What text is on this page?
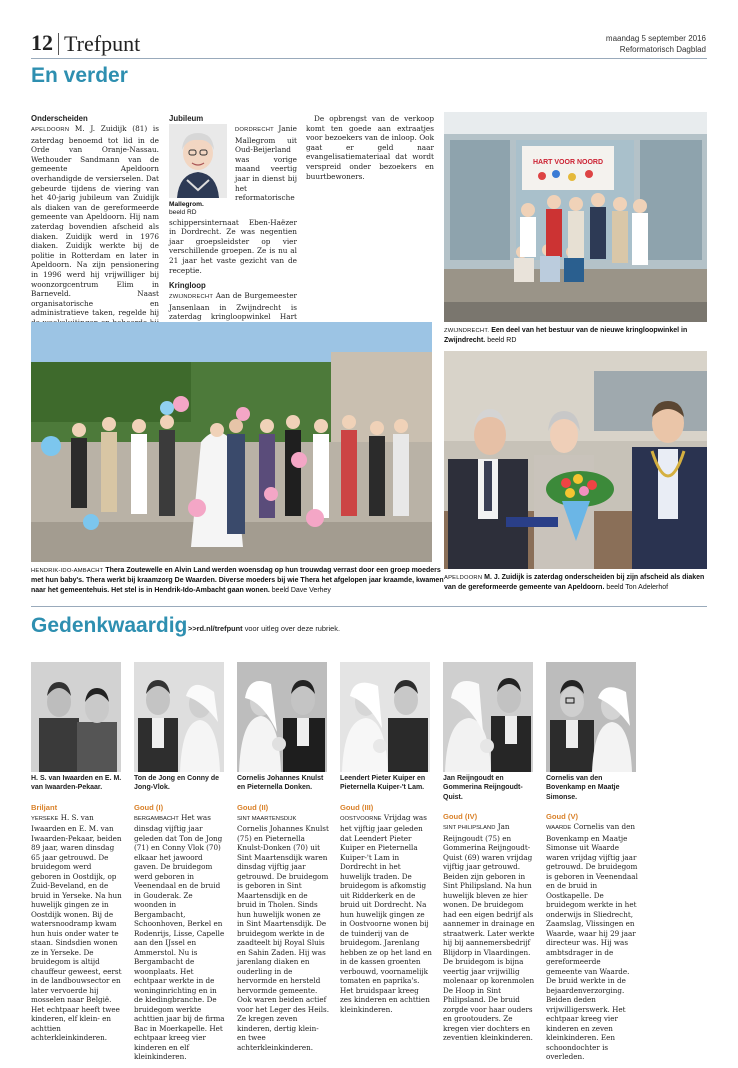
12 Trefpunt	maandag 5 september 2016
Reformatorisch Dagblad
En verder
Onderscheiden

APELDOORN M. J. Zuidijk (81) is zaterdag benoemd tot lid in de Orde van Oranje-Nassau. Wethouder Sandmann van de gemeente Apeldoorn overhandigde de versierselen. Dat gebeurde tijdens de viering van het 40-jarig jubileum van Zuidijk als diaken van de gereformeerde gemeente van Apeldoorn. Hij nam zaterdag bovendien afscheid als diaken. Zuidijk werd in 1976 diaken. Zuidijk werkte bij de politie in Rotterdam en later in Apeldoorn. Na zijn pensionering in 1996 werd hij vrijwilliger bij woonzorgcentrum Elim in Barneveld. Naast organisatorische en administratieve taken, regelde hij

Jubileum
Mallegrom.
beeld RD

DORDRECHT Janie Mallegrom uit Oud-Beijerland was vorige maand veertig jaar in dienst bij het reformatorische schippersinternaat Eben-Haëzer in Dordrecht. Ze was negentien jaar groepsleidster op vier verschillende groepen. Ze is nu al 21 jaar het vaste gezicht van de receptie.

Kringloop

ZWIJNDRECHT Aan de Burgemeester Jansenlaan in Zwijndrecht is zaterdag kringloopwinkel Hart

De opbrengst van de verkoop komt ten goede aan extraatjes voor bezoekers van de inloop. Ook gaat er geld naar evangelisatiemateriaal dat wordt verspreid onder bezoekers en buurtbewoners.

HART VOOR NOORD
ZWIJNDRECHT. Een deel van het bestuur van de nieuwe kringloopwinkel in Zwijndrecht. beeld RD
HENDRIK-IDO-AMBACHT Thera Zoutewelle en Alvin Land werden woensdag op hun trouwdag verrast door een groep moeders met hun baby's. Thera werkt bij kraamzorg De Waarden. Diverse moeders bij wie Thera het afgelopen jaar kraamde, kwamen naar het gemeentehuis. Het stel is in Hendrik-Ido-Ambacht gaan wonen. beeld Dave Verhey
APELDOORN M. J. Zuidijk is zaterdag onderscheiden bij zijn afscheid als diaken van de gereformeerde gemeente van Apeldoorn. beeld Ton Adelerhof
Gedenkwaardig >>rd.nl/trefpunt voor uitleg over deze rubriek.
H. S. van Iwaarden en E. M. van Iwaarden-Pekaar.
Briljant
YERSEKE H. S. van Iwaarden en E. M. van Iwaarden-Pekaar, beiden 89 jaar, waren dinsdag 65 jaar getrouwd. De bruidegom werd geboren in Oostdijk, op Zuid-Beveland, en de bruid in Yerseke. Na hun huwelijk gingen ze in Oostdijk wonen. Bij de watersnoodramp kwam hun huis onder water te staan. Sindsdien wonen ze in Yerseke. De bruidegom is altijd chauffeur geweest, eerst in de landbouwsector en later vervoerde hij mosselen naar België. Het echtpaar heeft twee kinderen, elf klein- en achttien achterkleinkinderen.
Ton de Jong en Conny de Jong-Vlok.
Goud (I)
BERGAMBACHT Het was dinsdag vijftig jaar geleden dat Ton de Jong (71) en Conny Vlok (70) elkaar het jawoord gaven. De bruidegom werd geboren in Veenendaal en de bruid in Gouderak. Ze woonden in Bergambacht, Schoonhoven, Berkel en Rodenrijs, Lisse, Capelle aan den IJssel en Ammerstol. Nu is Bergambacht de woonplaats. Het echtpaar werkte in de woninginrichting en in de kledingbranche. De bruidegom werkte achttien jaar bij de firma Bac in Moerkapelle. Het echtpaar kreeg vier kinderen en elf kleinkinderen.
Cornelis Johannes Knulst en Pieternella Donken.
Goud (II)
SINT MAARTENSDIJK Cornelis Johannes Knulst (75) en Pieternella Knulst-Donken (70) uit Sint Maartensdijk waren dinsdag vijftig jaar getrouwd. De bruidegom is geboren in Sint Maartensdijk en de bruid in Tholen. Sinds hun huwelijk wonen ze in Sint Maartensdijk. De bruidegom werkte in de zaadteelt bij Royal Sluis en Sahin Zaden. Hij was jarenlang diaken en ouderling in de hervormde en hersteld hervormde gemeente. Ook waren beiden actief voor het Leger des Heils. Ze kregen zeven kinderen, dertig klein- en twee achterkleinkinderen.
Leendert Pieter Kuiper en Pieternella Kuiper-'t Lam.
Goud (III)
OOSTVOORNE Vrijdag was het vijftig jaar geleden dat Leendert Pieter Kuiper en Pieternella Kuiper-'t Lam in Dordrecht in het huwelijk traden. De bruidegom is afkomstig uit Ridderkerk en de bruid uit Dordrecht. Na hun huwelijk gingen ze in Oostvoorne wonen bij de tuinderij van de bruidegom. Jarenlang hebben ze op het land en in de kassen groenten verbouwd, voornamelijk tomaten en paprika's. Het bruidspaar kreeg zes kinderen en achttien kleinkinderen.
Jan Reijngoudt en Gommerina Reijngoudt-Quist.
Goud (IV)
SINT PHILIPSLAND Jan Reijngoudt (75) en Gommerina Reijngoudt-Quist (69) waren vrijdag vijftig jaar getrouwd. Beiden zijn geboren in Sint Philipsland. Na hun huwelijk bleven ze hier wonen. De bruidegom had een eigen bedrijf als aannemer in drainage en straatwerk. Later werkte hij bij aannemersbedrijf Blijdorp in Vlaardingen. De bruidegom is bijna veertig jaar vrijwillig molenaar op korenmolen De Hoop in Sint Philipsland. De bruid zorgde voor haar ouders en grootouders. Ze kregen vier dochters en zeventien kleinkinderen.
Cornelis van den Bovenkamp en Maatje Simonse.
Goud (V)
WAARDE Cornelis van den Bovenkamp en Maatje Simonse uit Waarde waren vrijdag vijftig jaar getrouwd. De bruidegom is geboren in Veenendaal en de bruid in Oostkapelle. De bruidegom werkte in het onderwijs in Sliedrecht, Zaamslag, Vlissingen en Waarde, waar hij 29 jaar directeur was. Hij was ambtsdrager in de gereformeerde gemeente van Waarde. De bruid werkte in de bejaardenverzorging. Beiden deden vrijwilligerswerk. Het echtpaar kreeg vier kinderen en zeven kleinkinderen. Een schoondochter is overleden.
